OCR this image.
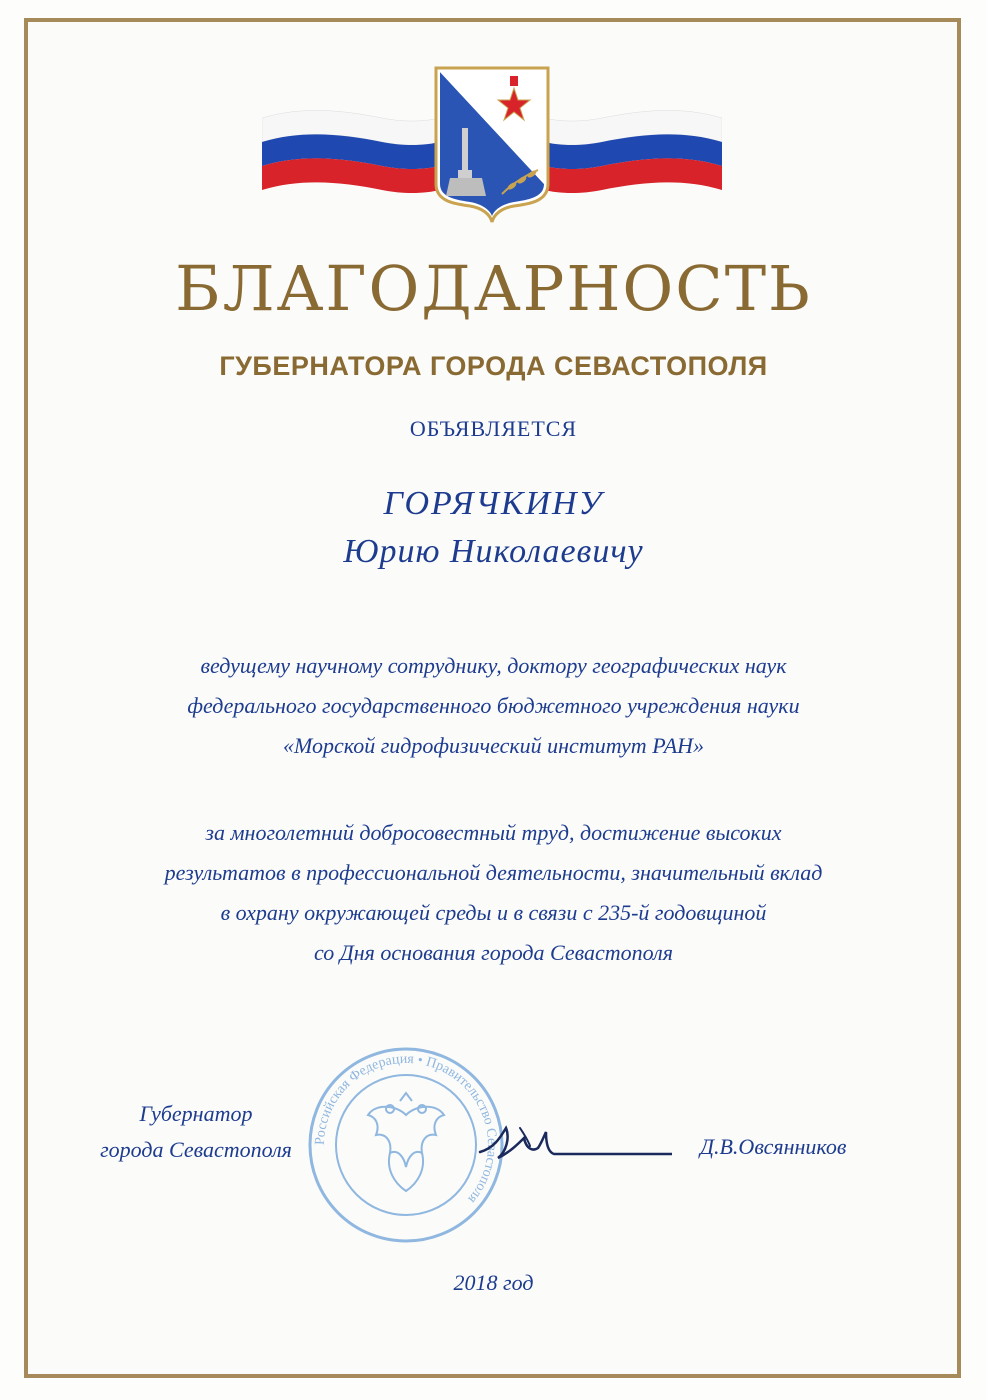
БЛАГОДАРНОСТЬ
ГУБЕРНАТОРА ГОРОДА СЕВАСТОПОЛЯ
ОБЪЯВЛЯЕТСЯ
ГОРЯЧКИНУ
Юрию Николаевичу
ведущему научному сотруднику, доктору географических наук
федерального государственного бюджетного учреждения науки
«Морской гидрофизический институт РАН»
за многолетний добросовестный труд, достижение высоких
результатов в профессиональной деятельности, значительный вклад
в охрану окружающей среды и в связи с 235-й годовщиной
со Дня основания города Севастополя
Российская Федерация • Правительство Севастополя
Губернатор
города Севастополя	Д.В.Овсянников
2018 год
